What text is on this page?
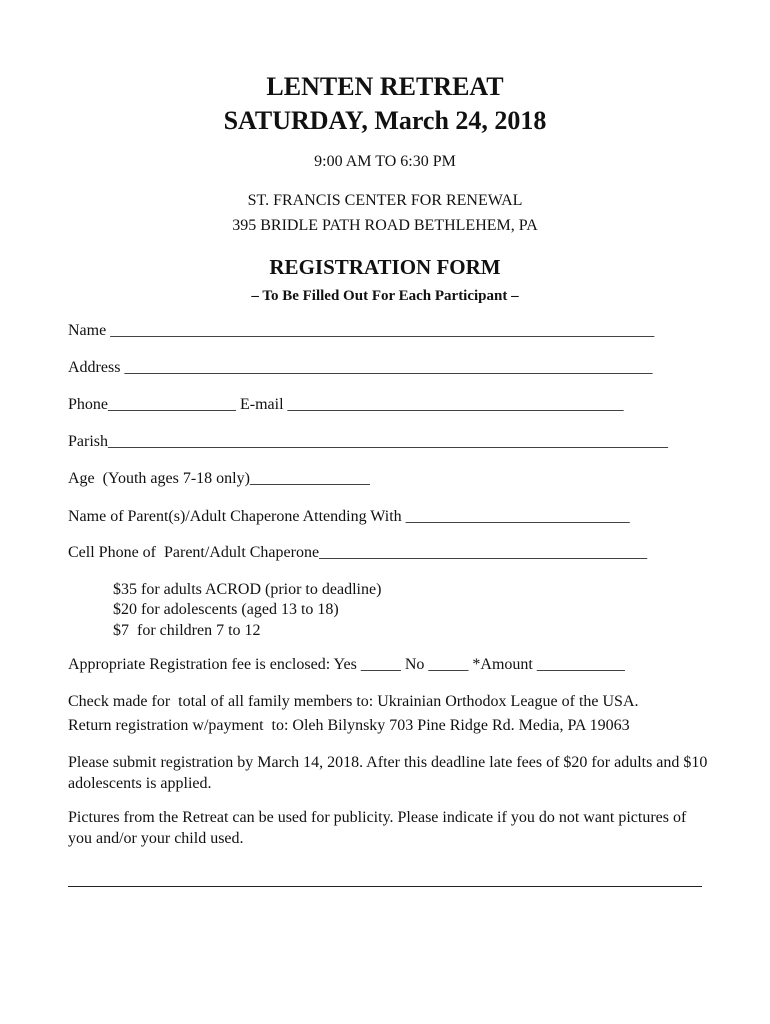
LENTEN RETREAT
SATURDAY, March 24, 2018
9:00 AM TO 6:30 PM
ST. FRANCIS CENTER FOR RENEWAL
395 BRIDLE PATH ROAD BETHLEHEM, PA
REGISTRATION FORM
– To Be Filled Out For Each Participant –
Name ____________________________________________________________________
Address __________________________________________________________________
Phone________________ E-mail __________________________________________
Parish______________________________________________________________________
Age  (Youth ages 7-18 only)_______________
Name of Parent(s)/Adult Chaperone Attending With ____________________________
Cell Phone of  Parent/Adult Chaperone_________________________________________
$35 for adults ACROD (prior to deadline)
$20 for adolescents (aged 13 to 18)
$7  for children 7 to 12
Appropriate Registration fee is enclosed: Yes _____ No _____ *Amount ___________
Check made for  total of all family members to: Ukrainian Orthodox League of the USA.
Return registration w/payment  to: Oleh Bilynsky 703 Pine Ridge Rd. Media, PA 19063
Please submit registration by March 14, 2018. After this deadline late fees of $20 for adults and $10 adolescents is applied.
Pictures from the Retreat can be used for publicity. Please indicate if you do not want pictures of you and/or your child used.
